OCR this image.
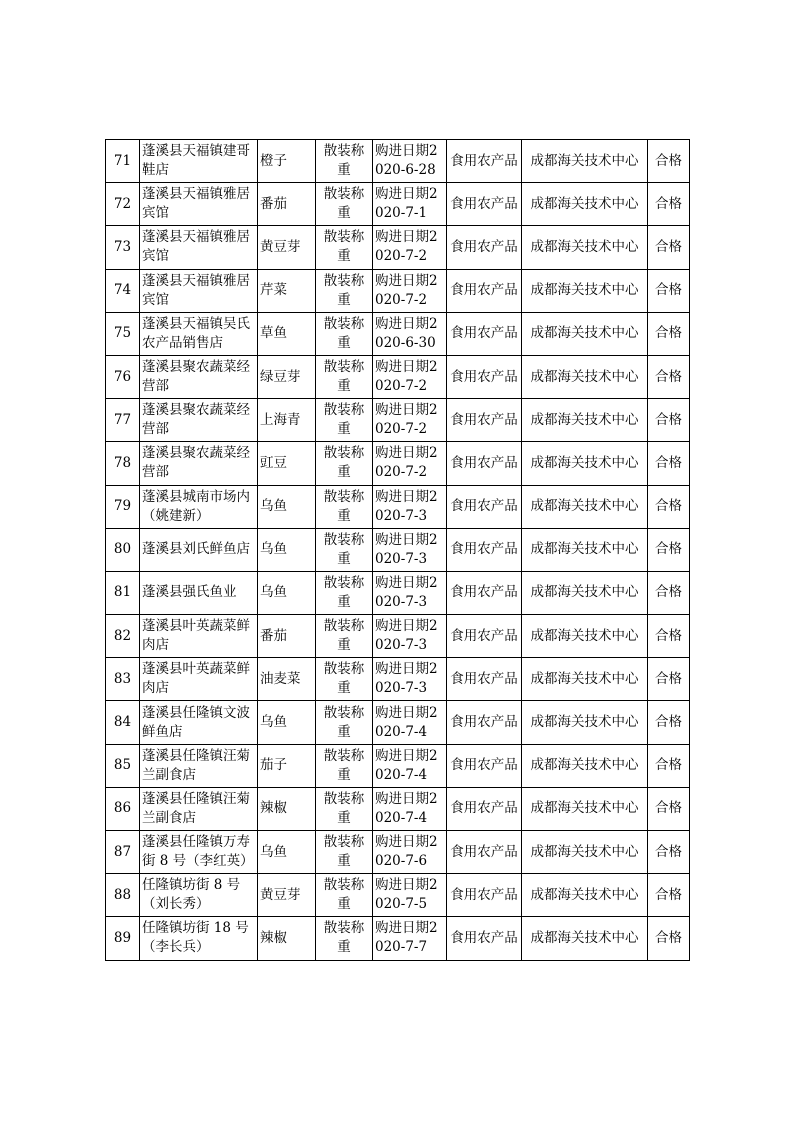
71	蓬溪县天福镇建哥鞋店	橙子	散装称重	购进日期2020-6-28	食用农产品	成都海关技术中心	合格
72	蓬溪县天福镇雅居宾馆	番茄	散装称重	购进日期2020-7-1	食用农产品	成都海关技术中心	合格
73	蓬溪县天福镇雅居宾馆	黄豆芽	散装称重	购进日期2020-7-2	食用农产品	成都海关技术中心	合格
74	蓬溪县天福镇雅居宾馆	芹菜	散装称重	购进日期2020-7-2	食用农产品	成都海关技术中心	合格
75	蓬溪县天福镇吴氏农产品销售店	草鱼	散装称重	购进日期2020-6-30	食用农产品	成都海关技术中心	合格
76	蓬溪县聚农蔬菜经营部	绿豆芽	散装称重	购进日期2020-7-2	食用农产品	成都海关技术中心	合格
77	蓬溪县聚农蔬菜经营部	上海青	散装称重	购进日期2020-7-2	食用农产品	成都海关技术中心	合格
78	蓬溪县聚农蔬菜经营部	豇豆	散装称重	购进日期2020-7-2	食用农产品	成都海关技术中心	合格
79	蓬溪县城南市场内（姚建新）	乌鱼	散装称重	购进日期2020-7-3	食用农产品	成都海关技术中心	合格
80	蓬溪县刘氏鲜鱼店	乌鱼	散装称重	购进日期2020-7-3	食用农产品	成都海关技术中心	合格
81	蓬溪县强氏鱼业	乌鱼	散装称重	购进日期2020-7-3	食用农产品	成都海关技术中心	合格
82	蓬溪县叶英蔬菜鲜肉店	番茄	散装称重	购进日期2020-7-3	食用农产品	成都海关技术中心	合格
83	蓬溪县叶英蔬菜鲜肉店	油麦菜	散装称重	购进日期2020-7-3	食用农产品	成都海关技术中心	合格
84	蓬溪县任隆镇文波鲜鱼店	乌鱼	散装称重	购进日期2020-7-4	食用农产品	成都海关技术中心	合格
85	蓬溪县任隆镇汪菊兰副食店	茄子	散装称重	购进日期2020-7-4	食用农产品	成都海关技术中心	合格
86	蓬溪县任隆镇汪菊兰副食店	辣椒	散装称重	购进日期2020-7-4	食用农产品	成都海关技术中心	合格
87	蓬溪县任隆镇万寿街 8 号（李红英）	乌鱼	散装称重	购进日期2020-7-6	食用农产品	成都海关技术中心	合格
88	任隆镇坊街 8 号（刘长秀）	黄豆芽	散装称重	购进日期2020-7-5	食用农产品	成都海关技术中心	合格
89	任隆镇坊街 18 号（李长兵）	辣椒	散装称重	购进日期2020-7-7	食用农产品	成都海关技术中心	合格
